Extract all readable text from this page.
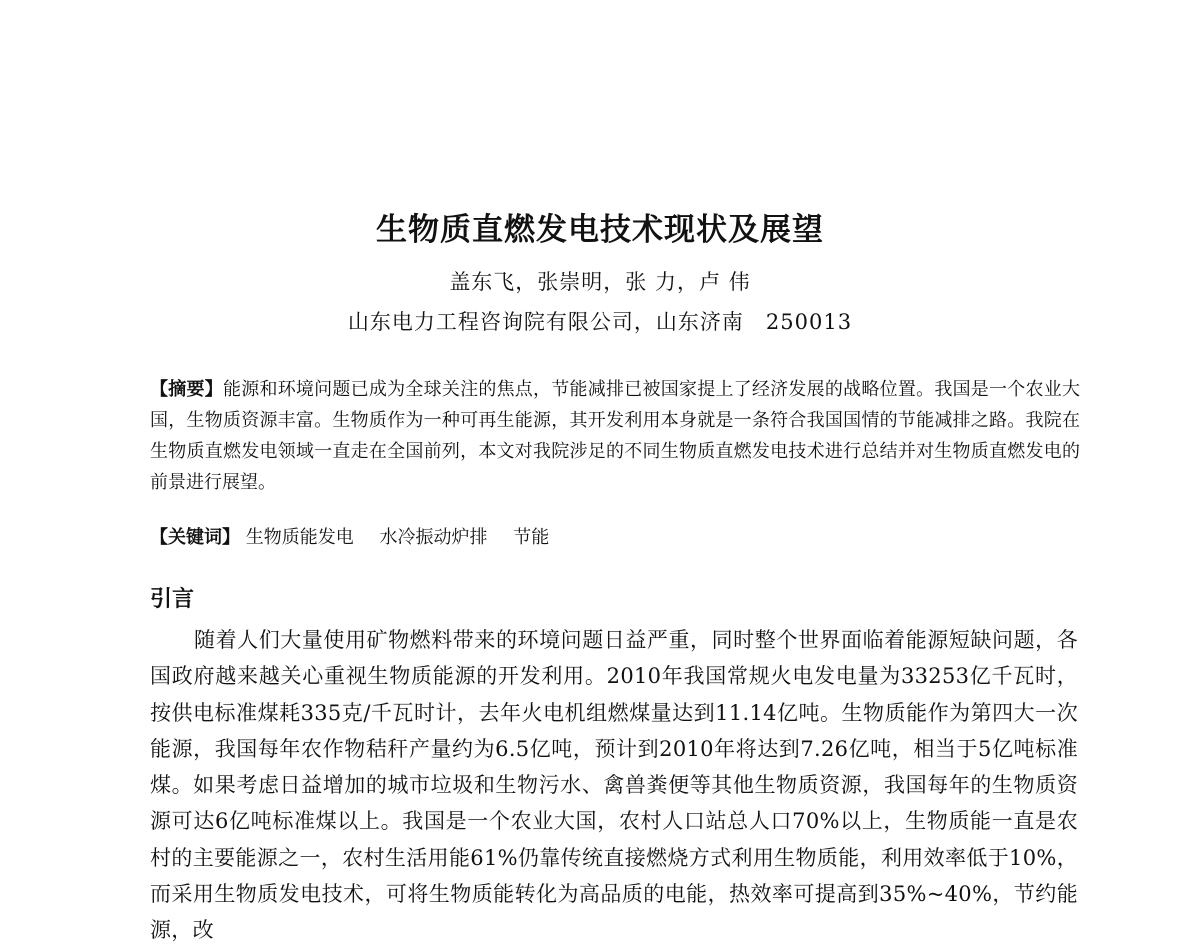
生物质直燃发电技术现状及展望
盖东飞，张崇明，张 力，卢 伟
山东电力工程咨询院有限公司，山东济南　250013
【摘要】能源和环境问题已成为全球关注的焦点，节能减排已被国家提上了经济发展的战略位置。我国是一个农业大国，生物质资源丰富。生物质作为一种可再生能源，其开发利用本身就是一条符合我国国情的节能减排之路。我院在生物质直燃发电领域一直走在全国前列，本文对我院涉足的不同生物质直燃发电技术进行总结并对生物质直燃发电的前景进行展望。
【关键词】 生物质能发电 水冷振动炉排 节能
引言
随着人们大量使用矿物燃料带来的环境问题日益严重，同时整个世界面临着能源短缺问题，各国政府越来越关心重视生物质能源的开发利用。2010年我国常规火电发电量为33253亿千瓦时，按供电标准煤耗335克/千瓦时计，去年火电机组燃煤量达到11.14亿吨。生物质能作为第四大一次能源，我国每年农作物秸秆产量约为6.5亿吨，预计到2010年将达到7.26亿吨，相当于5亿吨标准煤。如果考虑日益增加的城市垃圾和生物污水、禽兽粪便等其他生物质资源，我国每年的生物质资源可达6亿吨标准煤以上。我国是一个农业大国，农村人口站总人口70%以上，生物质能一直是农村的主要能源之一，农村生活用能61%仍靠传统直接燃烧方式利用生物质能，利用效率低于10%，而采用生物质发电技术，可将生物质能转化为高品质的电能，热效率可提高到35%~40%，节约能源，改
